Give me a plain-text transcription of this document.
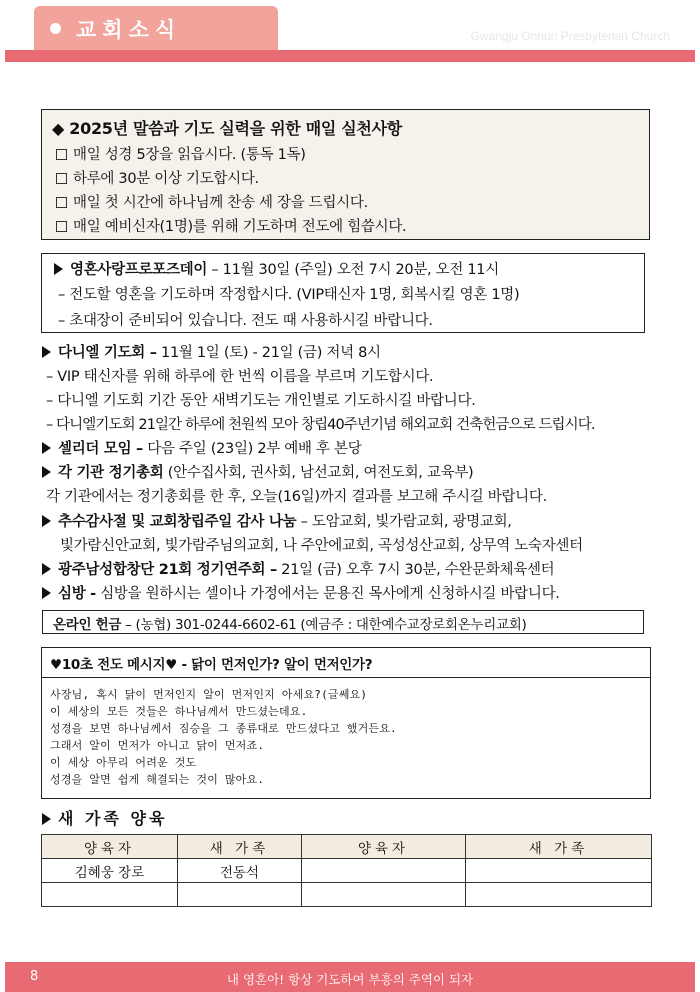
교회소식	Gwangju Onnuri Presbyterian Church
◆ 2025년 말씀과 기도 실력을 위한 매일 실천사항
매일 성경 5장을 읽읍시다. (통독 1독)
하루에 30분 이상 기도합시다.
매일 첫 시간에 하나님께 찬송 세 장을 드립시다.
매일 예비신자(1명)를 위해 기도하며 전도에 힘씁시다.
영혼사랑프로포즈데이 – 11월 30일 (주일) 오전 7시 20분, 오전 11시
– 전도할 영혼을 기도하며 작정합시다. (VIP태신자 1명, 회복시킬 영혼 1명)
– 초대장이 준비되어 있습니다. 전도 때 사용하시길 바랍니다.
다니엘 기도회 – 11월 1일 (토) - 21일 (금) 저녁 8시
– VIP 태신자를 위해 하루에 한 번씩 이름을 부르며 기도합시다.
– 다니엘 기도회 기간 동안 새벽기도는 개인별로 기도하시길 바랍니다.
– 다니엘기도회 21일간 하루에 천원씩 모아 창립40주년기념 해외교회 건축헌금으로 드립시다.
셀리더 모임 – 다음 주일 (23일) 2부 예배 후 본당
각 기관 정기총회 (안수집사회, 권사회, 남선교회, 여전도회, 교육부)
각 기관에서는 정기총회를 한 후, 오늘(16일)까지 결과를 보고해 주시길 바랍니다.
추수감사절 및 교회창립주일 감사 나눔 – 도암교회, 빛가람교회, 광명교회,
빛가람신안교회, 빛가람주님의교회, 나 주안에교회, 곡성성산교회, 상무역 노숙자센터
광주남성합창단 21회 정기연주회 – 21일 (금) 오후 7시 30분, 수완문화체육센터
심방 - 심방을 원하시는 셀이나 가정에서는 문용진 목사에게 신청하시길 바랍니다.
온라인 헌금 – (농협) 301-0244-6602-61 (예금주 : 대한예수교장로회온누리교회)
♥10초 전도 메시지♥ - 닭이 먼저인가? 알이 먼저인가?
사장님, 혹시 닭이 먼저인지 알이 먼저인지 아세요?(글쎄요)
이 세상의 모든 것들은 하나님께서 만드셨는데요.
성경을 보면 하나님께서 짐승을 그 종류대로 만드셨다고 했거든요.
그래서 알이 먼저가 아니고 닭이 먼저죠.
이 세상 아무리 어려운 것도
성경을 알면 쉽게 해결되는 것이 많아요.
새 가족 양육
양육자	새 가족	양육자	새 가족
김혜웅 장로	전동석		

8	내 영혼아! 항상 기도하여 부흥의 주역이 되자
